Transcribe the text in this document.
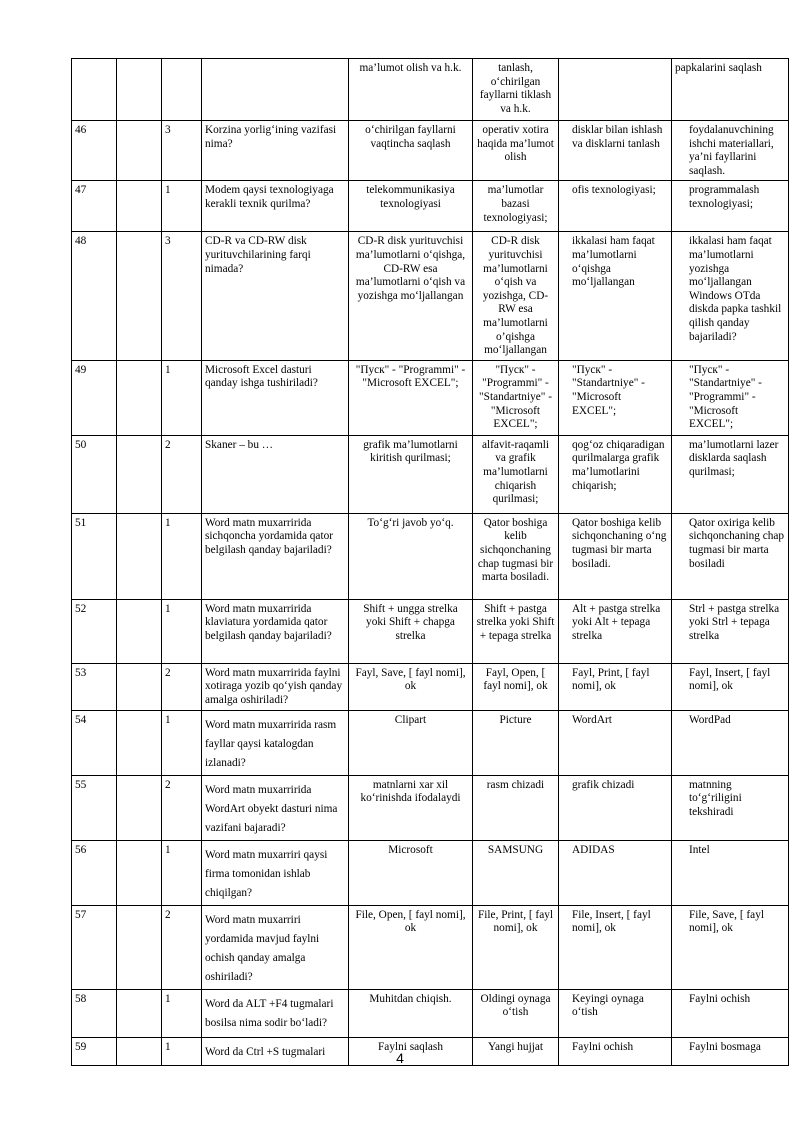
				ma’lumot olish va h.k.	tanlash, o‘chirilgan fayllarni tiklash va h.k.		papkalarini saqlash
46		3	Korzina yorlig‘ining vazifasi nima?	o‘chirilgan fayllarni vaqtincha saqlash	operativ xotira haqida ma’lumot olish	disklar bilan ishlash va disklarni tanlash	foydalanuvchining ishchi materiallari, ya’ni fayllarini saqlash.

47		1	Modem qaysi texnologiyaga kerakli texnik qurilma?	telekommunikasiya texnologiyasi	ma’lumotlar bazasi texnologiyasi;	ofis texnologiyasi;	programmalash texnologiyasi;

48		3	CD-R va CD-RW disk yurituvchilarining farqi nimada?	CD-R disk yurituvchisi ma’lumotlarni o‘qishga, CD-RW esa ma’lumotlarni o‘qish va yozishga mo‘ljallangan	CD-R disk yurituvchisi ma’lumotlarni o‘qish va yozishga, CD-RW esa ma’lumotlarni o’qishga mo‘ljallangan	ikkalasi ham faqat ma’lumotlarni o‘qishga mo‘ljallangan	ikkalasi ham faqat ma’lumotlarni yozishga mo‘ljallangan Windows OTda diskda papka tashkil qilish qanday bajariladi?

49		1	Microsoft Excel dasturi qanday ishga tushiriladi?	"Пуск" - "Programmi" - "Microsoft EXCEL";	"Пуск" - "Programmi" - "Standartniye" - "Microsoft EXCEL";	"Пуск" - "Standartniye" - "Microsoft EXCEL";	"Пуск" - "Standartniye" - "Programmi" - "Microsoft EXCEL";

50		2	Skaner – bu …	grafik ma’lumotlarni kiritish qurilmasi;	alfavit-raqamli va grafik ma’lumotlarni chiqarish qurilmasi;	qog‘oz chiqaradigan qurilmalarga grafik ma’lumotlarini chiqarish;	ma’lumotlarni lazer disklarda saqlash qurilmasi;

51		1	Word matn muxarririda sichqoncha yordamida qator belgilash qanday bajariladi?	To‘g‘ri javob yo‘q.	Qator boshiga kelib sichqonchaning chap tugmasi bir marta bosiladi.	Qator boshiga kelib sichqonchaning o‘ng tugmasi bir marta bosiladi.	Qator oxiriga kelib sichqonchaning chap tugmasi bir marta bosiladi

52		1	Word matn muxarririda klaviatura yordamida qator belgilash qanday bajariladi?	Shift + ungga strelka yoki Shift + chapga strelka	Shift + pastga strelka yoki Shift + tepaga strelka	Alt + pastga strelka yoki Alt + tepaga strelka	Strl + pastga strelka yoki Strl + tepaga strelka

53		2	Word matn muxarririda faylni xotiraga yozib qo‘yish qanday amalga oshiriladi?	Fayl, Save, [ fayl nomi], ok	Fayl, Open, [ fayl nomi], ok	Fayl, Print, [ fayl nomi], ok	Fayl, Insert, [ fayl nomi], ok

54		1	Word matn muxarririda rasm fayllar qaysi katalogdan izlanadi?	Clipart	Picture	WordArt	WordPad

55		2	Word matn muxarririda WordArt obyekt dasturi nima vazifani bajaradi?	matnlarni xar xil ko‘rinishda ifodalaydi	rasm chizadi	grafik chizadi	matnning to‘g‘riligini tekshiradi

56		1	Word matn muxarriri qaysi firma tomonidan ishlab chiqilgan?	Microsoft	SAMSUNG	ADIDAS	Intel

57		2	Word matn muxarriri yordamida mavjud faylni ochish qanday amalga oshiriladi?	File, Open, [ fayl nomi], ok	File, Print, [ fayl nomi], ok	File, Insert, [ fayl nomi], ok	File, Save, [ fayl nomi], ok

58		1	Word da ALT +F4 tugmalari bosilsa nima sodir bo‘ladi?	Muhitdan chiqish.	Oldingi oynaga o‘tish	Keyingi oynaga o‘tish	Faylni ochish

59		1	Word da Ctrl +S tugmalari	Faylni saqlash	Yangi hujjat	Faylni ochish	Faylni bosmaga
4
